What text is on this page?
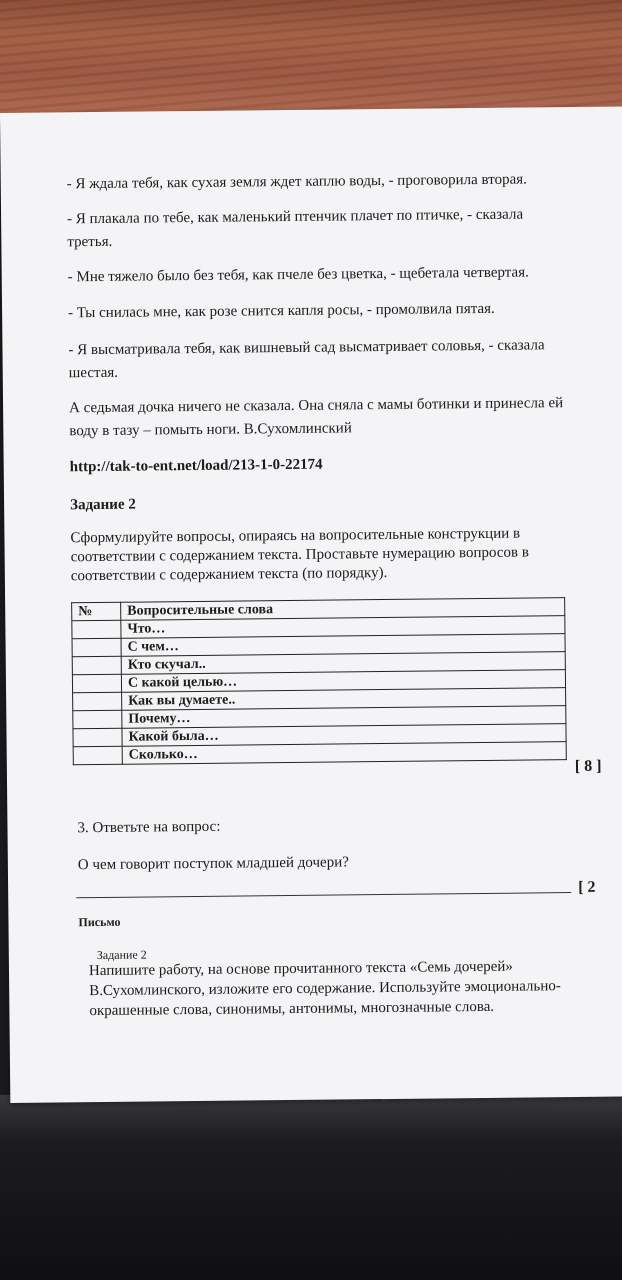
- Я ждала тебя, как сухая земля ждет каплю воды, - проговорила вторая.
- Я плакала по тебе, как маленький птенчик плачет по птичке, - сказала
третья.
- Мне тяжело было без тебя, как пчеле без цветка, - щебетала четвертая.
- Ты снилась мне, как розе снится капля росы, - промолвила пятая.
- Я высматривала тебя, как вишневый сад высматривает соловья, - сказала
шестая.
А седьмая дочка ничего не сказала. Она сняла с мамы ботинки и принесла ей
воду в тазу – помыть ноги. В.Сухомлинский
http://tak-to-ent.net/load/213-1-0-22174
Задание 2
Сформулируйте вопросы, опираясь на вопросительные конструкции в
соответствии с содержанием текста. Проставьте нумерацию вопросов в
соответствии с содержанием текста (по порядку).
№	Вопросительные слова
	Что…
	С чем…
	Кто скучал..
	С какой целью…
	Как вы думаете..
	Почему…
	Какой была…
	Сколько…
[ 8 ]
3. Ответьте на вопрос:
О чем говорит поступок младшей дочери?
[ 2
Письмо
Задание 2
Напишите работу, на основе прочитанного текста «Семь дочерей»
В.Сухомлинского, изложите его содержание. Используйте эмоционально-
окрашенные слова, синонимы, антонимы, многозначные слова.
